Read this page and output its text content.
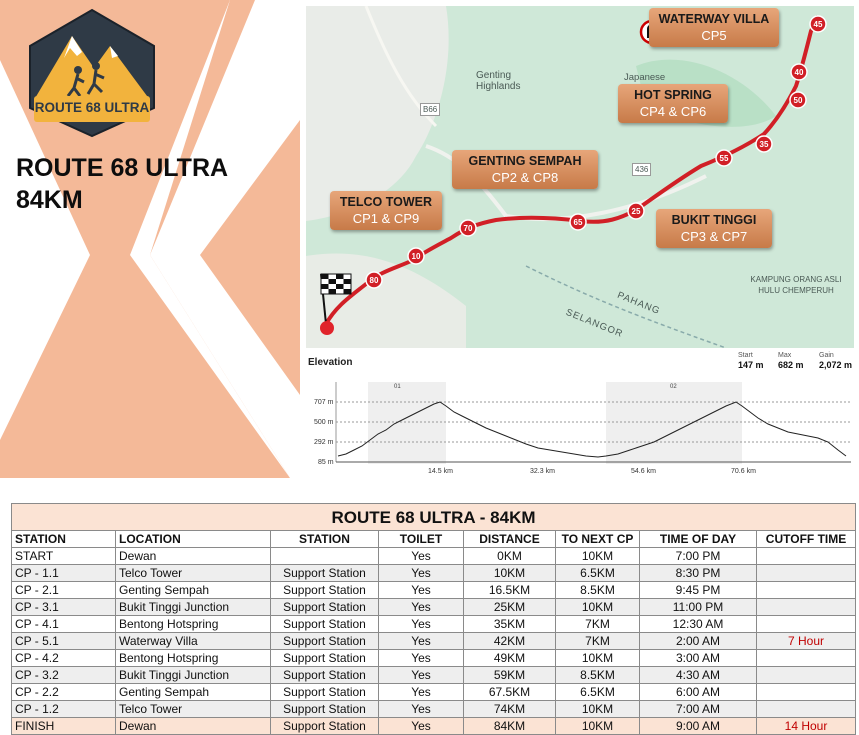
ROUTE 68 ULTRA
ROUTE 68 ULTRA
84KM
45
40
50
35
55
25
65
70
10
80
WATERWAY VILLA
CP5
HOT SPRING
CP4 & CP6
GENTING SEMPAH
CP2 & CP8
TELCO TOWER
CP1 & CP9	BUKIT TINGGI
CP3 & CP7
Genting Highlands
B66
Japanese
436
PAHANG
SELANGOR
KAMPUNG ORANG ASLI HULU CHEMPERUH
Elevation
Start
147 m
Max
682 m
Gain
2,072 m
01	02
707 m
500 m
292 m
85 m
14.5 km	32.3 km	54.6 km	70.6 km
ROUTE 68 ULTRA - 84KM							
STATION	LOCATION	STATION	TOILET	DISTANCE	TO NEXT CP	TIME OF DAY	CUTOFF TIME
START	Dewan		Yes	0KM	10KM	7:00 PM	
CP - 1.1	Telco Tower	Support Station	Yes	10KM	6.5KM	8:30 PM	
CP - 2.1	Genting Sempah	Support Station	Yes	16.5KM	8.5KM	9:45 PM	
CP - 3.1	Bukit Tinggi Junction	Support Station	Yes	25KM	10KM	11:00 PM	
CP - 4.1	Bentong Hotspring	Support Station	Yes	35KM	7KM	12:30 AM	
CP - 5.1	Waterway Villa	Support Station	Yes	42KM	7KM	2:00 AM	7 Hour
CP - 4.2	Bentong Hotspring	Support Station	Yes	49KM	10KM	3:00 AM	
CP - 3.2	Bukit Tinggi Junction	Support Station	Yes	59KM	8.5KM	4:30 AM	
CP - 2.2	Genting Sempah	Support Station	Yes	67.5KM	6.5KM	6:00 AM	
CP - 1.2	Telco Tower	Support Station	Yes	74KM	10KM	7:00 AM	
FINISH	Dewan	Support Station	Yes	84KM	10KM	9:00 AM	14 Hour
